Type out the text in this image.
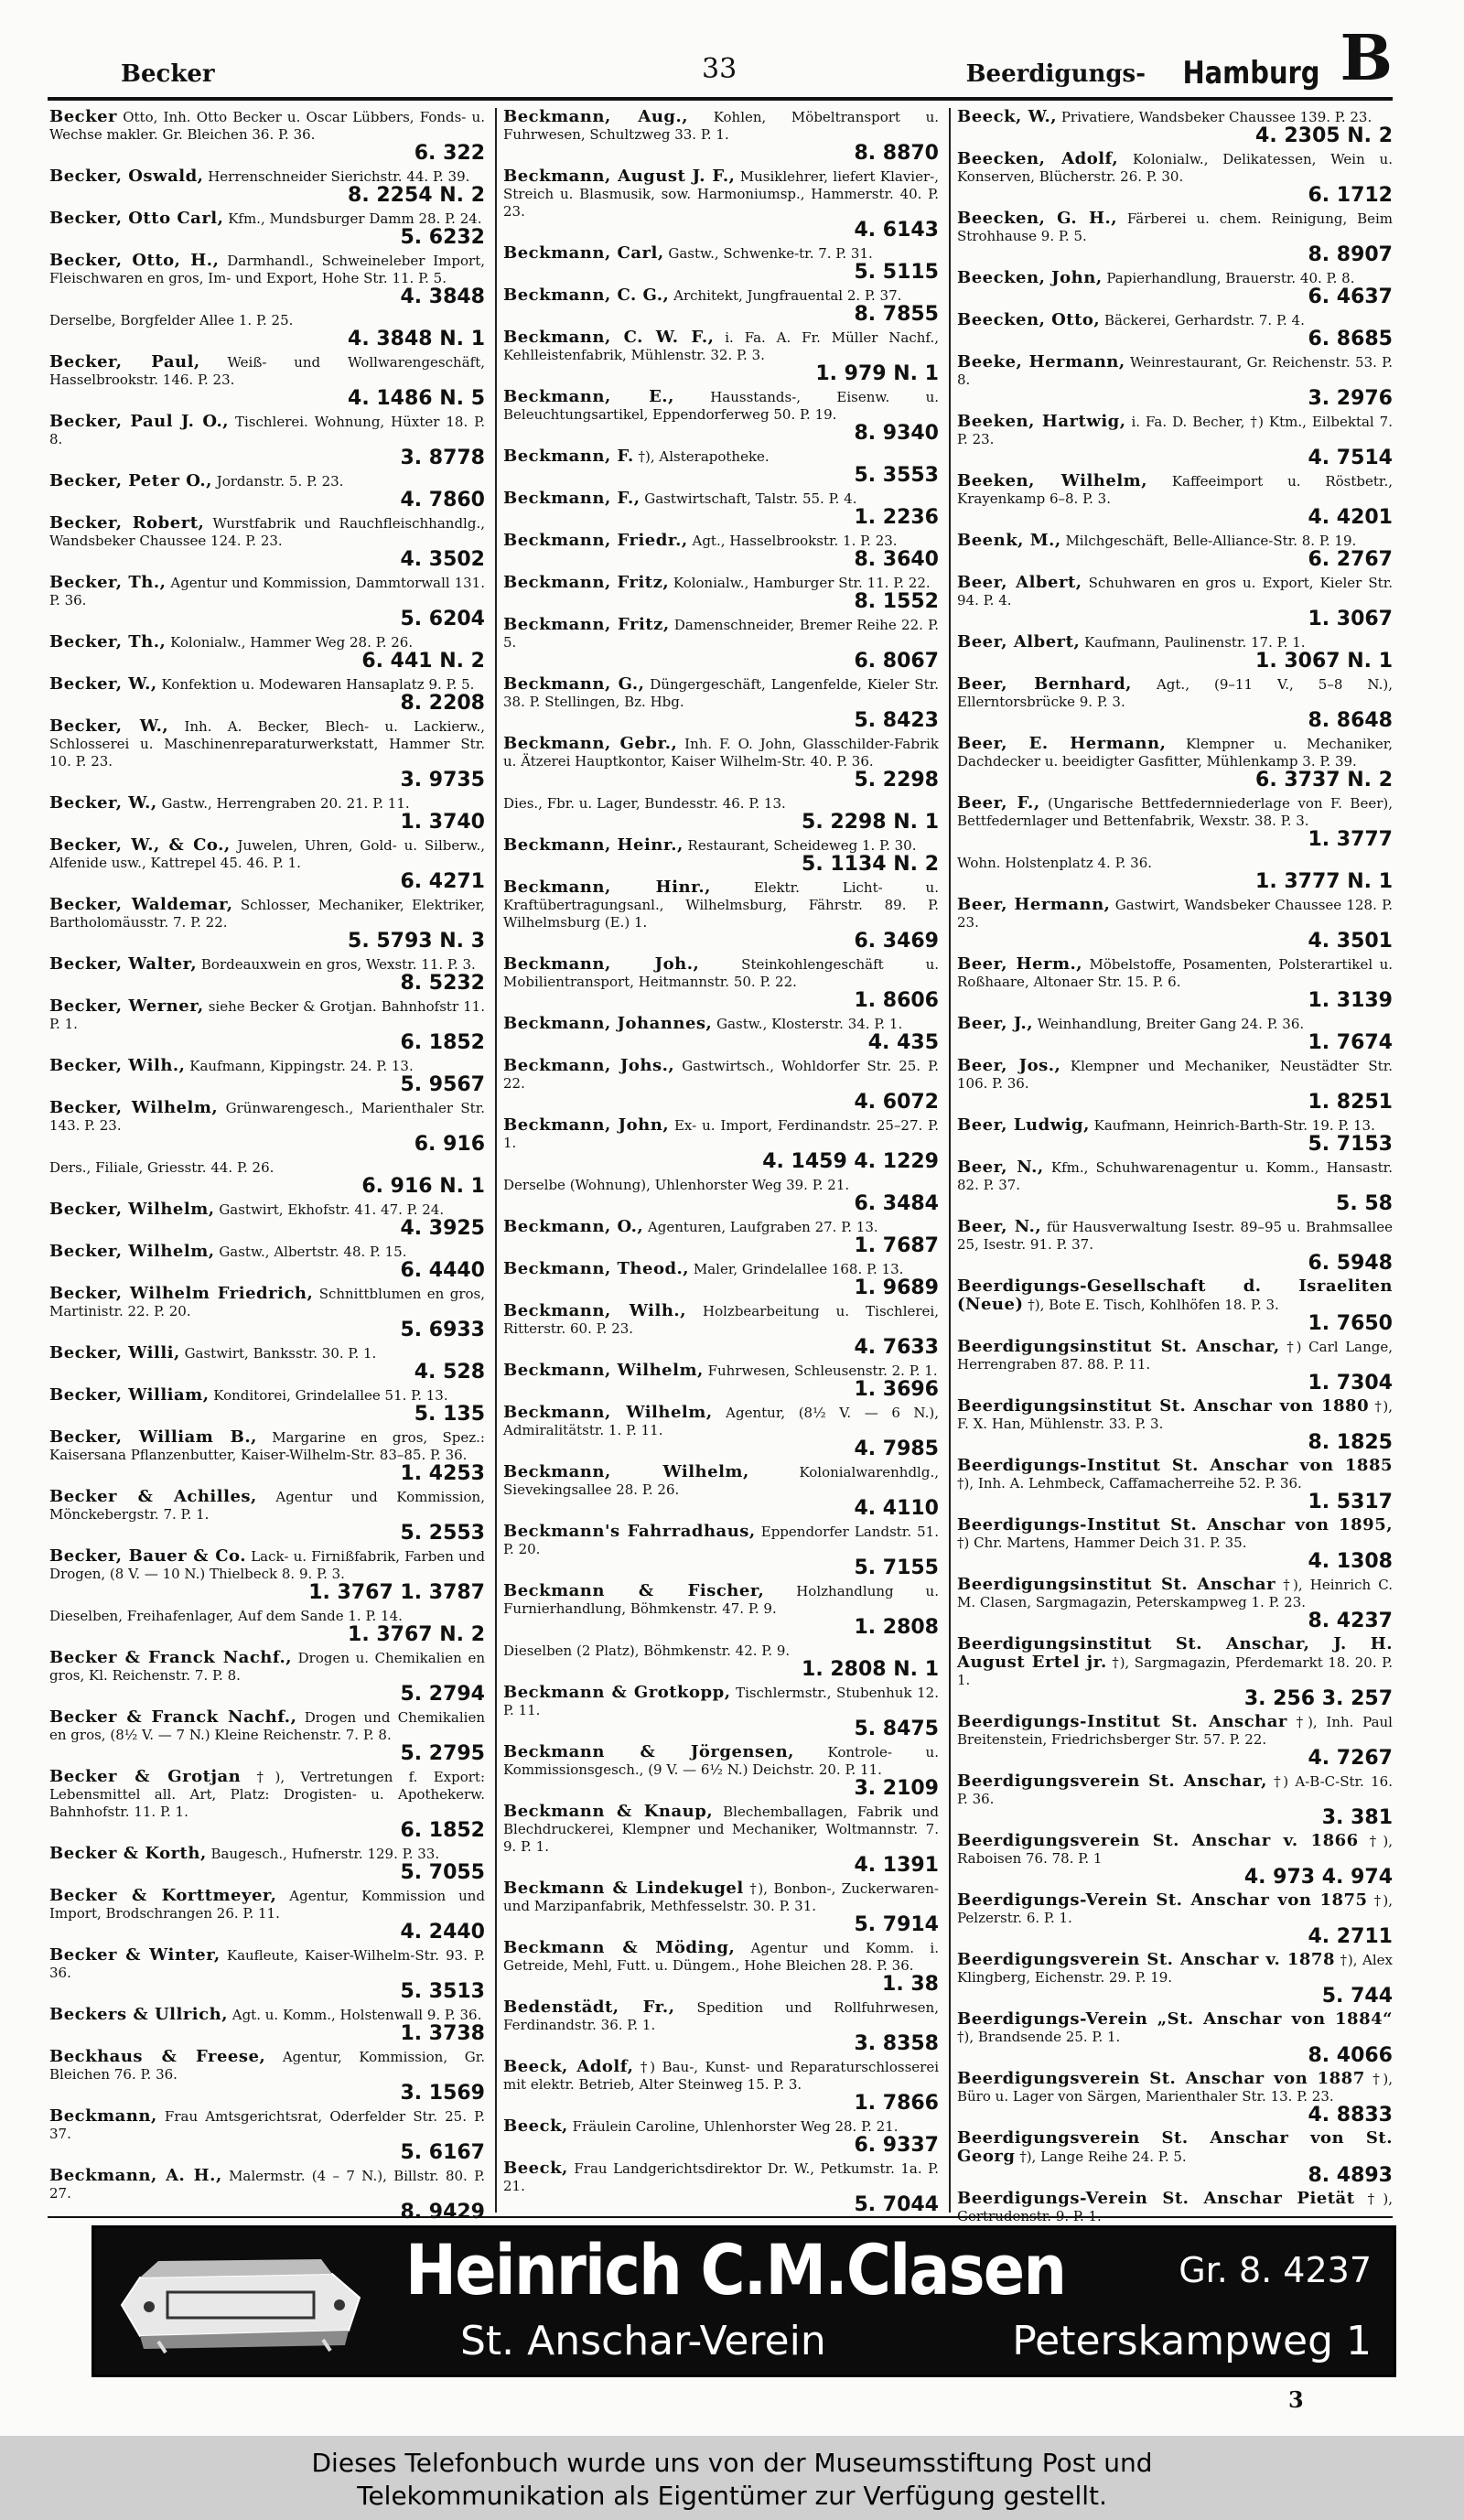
Becker	33	Beerdigungs- Hamburg B
Becker Otto, Inh. Otto Becker u. Oscar Lübbers, Fonds- u. Wechse makler. Gr. Bleichen 36. P. 36.
6. 322
Becker, Oswald, Herrenschneider Sierichstr. 44. P. 39.
8. 2254 N. 2
Becker, Otto Carl, Kfm., Mundsburger Damm 28. P. 24.
5. 6232
Becker, Otto, H., Darmhandl., Schweineleber Import, Fleischwaren en gros, Im- und Export, Hohe Str. 11. P. 5.
4. 3848
Derselbe, Borgfelder Allee 1. P. 25.
4. 3848 N. 1
Becker, Paul, Weiß- und Wollwarengeschäft, Hasselbrookstr. 146. P. 23.
4. 1486 N. 5
Becker, Paul J. O., Tischlerei. Wohnung, Hüxter 18. P. 8.
3. 8778
Becker, Peter O., Jordanstr. 5. P. 23.
4. 7860
Becker, Robert, Wurstfabrik und Rauchfleischhandlg., Wandsbeker Chaussee 124. P. 23.
4. 3502
Becker, Th., Agentur und Kommission, Dammtorwall 131. P. 36.
5. 6204
Becker, Th., Kolonialw., Hammer Weg 28. P. 26.
6. 441 N. 2
Becker, W., Konfektion u. Modewaren Hansaplatz 9. P. 5.
8. 2208
Becker, W., Inh. A. Becker, Blech- u. Lackierw., Schlosserei u. Maschinenreparaturwerkstatt, Hammer Str. 10. P. 23.
3. 9735
Becker, W., Gastw., Herrengraben 20. 21. P. 11.
1. 3740
Becker, W., & Co., Juwelen, Uhren, Gold- u. Silberw., Alfenide usw., Kattrepel 45. 46. P. 1.
6. 4271
Becker, Waldemar, Schlosser, Mechaniker, Elektriker, Bartholomäusstr. 7. P. 22.
5. 5793 N. 3
Becker, Walter, Bordeauxwein en gros, Wexstr. 11. P. 3.
8. 5232
Becker, Werner, siehe Becker & Grotjan. Bahnhofstr 11. P. 1.
6. 1852
Becker, Wilh., Kaufmann, Kippingstr. 24. P. 13.
5. 9567
Becker, Wilhelm, Grünwarengesch., Marienthaler Str. 143. P. 23.
6. 916
Ders., Filiale, Griesstr. 44. P. 26.
6. 916 N. 1
Becker, Wilhelm, Gastwirt, Ekhofstr. 41. 47. P. 24.
4. 3925
Becker, Wilhelm, Gastw., Albertstr. 48. P. 15.
6. 4440
Becker, Wilhelm Friedrich, Schnittblumen en gros, Martinistr. 22. P. 20.
5. 6933
Becker, Willi, Gastwirt, Banksstr. 30. P. 1.
4. 528
Becker, William, Konditorei, Grindelallee 51. P. 13.
5. 135
Becker, William B., Margarine en gros, Spez.: Kaisersana Pflanzenbutter, Kaiser-Wilhelm-Str. 83–85. P. 36.
1. 4253
Becker & Achilles, Agentur und Kommission, Mönckebergstr. 7. P. 1.
5. 2553
Becker, Bauer & Co. Lack- u. Firnißfabrik, Farben und Drogen, (8 V. — 10 N.) Thielbeck 8. 9. P. 3.
1. 3767 1. 3787
Dieselben, Freihafenlager, Auf dem Sande 1. P. 14.
1. 3767 N. 2
Becker & Franck Nachf., Drogen u. Chemikalien en gros, Kl. Reichenstr. 7. P. 8.
5. 2794
Becker & Franck Nachf., Drogen und Chemikalien en gros, (8½ V. — 7 N.) Kleine Reichenstr. 7. P. 8.
5. 2795
Becker & Grotjan †), Vertretungen f. Export: Lebensmittel all. Art, Platz: Drogisten- u. Apothekerw. Bahnhofstr. 11. P. 1.
6. 1852
Becker & Korth, Baugesch., Hufnerstr. 129. P. 33.
5. 7055
Becker & Korttmeyer, Agentur, Kommission und Import, Brodschrangen 26. P. 11.
4. 2440
Becker & Winter, Kaufleute, Kaiser-Wilhelm-Str. 93. P. 36.
5. 3513
Beckers & Ullrich, Agt. u. Komm., Holstenwall 9. P. 36.
1. 3738
Beckhaus & Freese, Agentur, Kommission, Gr. Bleichen 76. P. 36.
3. 1569
Beckmann, Frau Amtsgerichtsrat, Oderfelder Str. 25. P. 37.
5. 6167
Beckmann, A. H., Malermstr. (4 – 7 N.), Billstr. 80. P. 27.
8. 9429
Beckmann, Aug., Kohlen, Möbeltransport u. Fuhrwesen, Schultzweg 33. P. 1.
8. 8870
Beckmann, August J. F., Musiklehrer, liefert Klavier-, Streich u. Blasmusik, sow. Harmoniumsp., Hammerstr. 40. P. 23.
4. 6143
Beckmann, Carl, Gastw., Schwenke-tr. 7. P. 31.
5. 5115
Beckmann, C. G., Architekt, Jungfrauental 2. P. 37.
8. 7855
Beckmann, C. W. F., i. Fa. A. Fr. Müller Nachf., Kehlleistenfabrik, Mühlenstr. 32. P. 3.
1. 979 N. 1
Beckmann, E.,	Hausstands-, Eisenw. u. Beleuchtungsartikel, Eppendorferweg 50. P. 19.
8. 9340
Beckmann, F. †), Alsterapotheke.
5. 3553
Beckmann, F., Gastwirtschaft, Talstr. 55. P. 4.
1. 2236
Beckmann, Friedr., Agt., Hasselbrookstr. 1. P. 23.
8. 3640
Beckmann, Fritz, Kolonialw., Hamburger Str. 11. P. 22.
8. 1552
Beckmann, Fritz, Damenschneider, Bremer Reihe 22. P. 5.
6. 8067
Beckmann, G., Düngergeschäft, Langenfelde, Kieler Str. 38. P. Stellingen, Bz. Hbg.
5. 8423
Beckmann, Gebr., Inh. F. O. John, Glasschilder-Fabrik u. Ätzerei Hauptkontor, Kaiser Wilhelm-Str. 40. P. 36.
5. 2298
Dies., Fbr. u. Lager, Bundesstr. 46. P. 13.
5. 2298 N. 1
Beckmann, Heinr., Restaurant, Scheideweg 1. P. 30.
5. 1134 N. 2
Beckmann, Hinr.,	Elektr. Licht- u. Kraftübertragungsanl., Wilhelmsburg, Fährstr. 89. P. Wilhelmsburg (E.) 1.
6. 3469
Beckmann, Joh.,	Steinkohlengeschäft u. Mobilientransport, Heitmannstr. 50. P. 22.
1. 8606
Beckmann, Johannes, Gastw., Klosterstr. 34. P. 1.
4. 435
Beckmann, Johs., Gastwirtsch., Wohldorfer Str. 25. P. 22.
4. 6072
Beckmann, John, Ex- u. Import, Ferdinandstr. 25–27. P. 1.
4. 1459 4. 1229
Derselbe (Wohnung), Uhlenhorster Weg 39. P. 21.
6. 3484
Beckmann, O., Agenturen, Laufgraben 27. P. 13.
1. 7687
Beckmann, Theod., Maler, Grindelallee 168. P. 13.
1. 9689
Beckmann, Wilh., Holzbearbeitung u. Tischlerei, Ritterstr. 60. P. 23.
4. 7633
Beckmann, Wilhelm, Fuhrwesen, Schleusenstr. 2. P. 1.
1. 3696
Beckmann, Wilhelm, Agentur, (8½ V. — 6 N.), Admiralitätstr. 1. P. 11.
4. 7985
Beckmann, Wilhelm,	Kolonialwarenhdlg., Sievekingsallee 28. P. 26.
4. 4110
Beckmann's Fahrradhaus, Eppendorfer Landstr. 51. P. 20.
5. 7155
Beckmann & Fischer, Holzhandlung u. Furnierhandlung, Böhmkenstr. 47. P. 9.
1. 2808
Dieselben (2 Platz), Böhmkenstr. 42. P. 9.
1. 2808 N. 1
Beckmann & Grotkopp, Tischlermstr., Stubenhuk 12. P. 11.
5. 8475
Beckmann & Jörgensen, Kontrole- u. Kommissionsgesch., (9 V. — 6½ N.) Deichstr. 20. P. 11.
3. 2109
Beckmann & Knaup, Blechemballagen, Fabrik und Blechdruckerei, Klempner und Mechaniker, Woltmannstr. 7. 9. P. 1.
4. 1391
Beckmann & Lindekugel †), Bonbon-, Zuckerwaren- und Marzipanfabrik, Methfesselstr. 30. P. 31.
5. 7914
Beckmann & Möding, Agentur und Komm. i. Getreide, Mehl, Futt. u. Düngem., Hohe Bleichen 28. P. 36.
1. 38
Bedenstädt, Fr., Spedition und Rollfuhrwesen, Ferdinandstr. 36. P. 1.
3. 8358
Beeck, Adolf, †) Bau-, Kunst- und Reparaturschlosserei mit elektr. Betrieb, Alter Steinweg 15. P. 3.
1. 7866
Beeck, Fräulein Caroline, Uhlenhorster Weg 28. P. 21.
6. 9337
Beeck, Frau Landgerichtsdirektor Dr. W., Petkumstr. 1a. P. 21.
5. 7044
Beeck, W., Privatiere, Wandsbeker Chaussee 139. P. 23.
4. 2305 N. 2
Beecken, Adolf, Kolonialw., Delikatessen, Wein u. Konserven, Blücherstr. 26. P. 30.
6. 1712
Beecken, G. H., Färberei u. chem. Reinigung, Beim Strohhause 9. P. 5.
8. 8907
Beecken, John, Papierhandlung, Brauerstr. 40. P. 8.
6. 4637
Beecken, Otto, Bäckerei, Gerhardstr. 7. P. 4.
6. 8685
Beeke, Hermann, Weinrestaurant, Gr. Reichenstr. 53. P. 8.
3. 2976
Beeken, Hartwig, i. Fa. D. Becher, †) Ktm., Eilbektal 7. P. 23.
4. 7514
Beeken, Wilhelm, Kaffeeimport u. Röstbetr., Krayenkamp 6–8. P. 3.
4. 4201
Beenk, M., Milchgeschäft, Belle-Alliance-Str. 8. P. 19.
6. 2767
Beer, Albert, Schuhwaren en gros u. Export, Kieler Str. 94. P. 4.
1. 3067
Beer, Albert, Kaufmann, Paulinenstr. 17. P. 1.
1. 3067 N. 1
Beer, Bernhard, Agt., (9–11 V., 5–8 N.), Ellerntorsbrücke 9. P. 3.
8. 8648
Beer, E. Hermann, Klempner u. Mechaniker, Dachdecker u. beeidigter Gasfitter, Mühlenkamp 3. P. 39.
6. 3737 N. 2
Beer, F., (Ungarische Bettfedernniederlage von F. Beer), Bettfedernlager und Bettenfabrik, Wexstr. 38. P. 3.
1. 3777
Wohn. Holstenplatz 4. P. 36.
1. 3777 N. 1
Beer, Hermann, Gastwirt, Wandsbeker Chaussee 128. P. 23.
4. 3501
Beer, Herm., Möbelstoffe, Posamenten, Polsterartikel u. Roßhaare, Altonaer Str. 15. P. 6.
1. 3139
Beer, J., Weinhandlung, Breiter Gang 24. P. 36.
1. 7674
Beer, Jos., Klempner und Mechaniker, Neustädter Str. 106. P. 36.
1. 8251
Beer, Ludwig, Kaufmann, Heinrich-Barth-Str. 19. P. 13.
5. 7153
Beer, N., Kfm., Schuhwarenagentur u. Komm., Hansastr. 82. P. 37.
5. 58
Beer, N., für Hausverwaltung Isestr. 89–95 u. Brahmsallee 25, Isestr. 91. P. 37.
6. 5948
Beerdigungs-Gesellschaft d. Israeliten (Neue) †), Bote E. Tisch, Kohlhöfen 18. P. 3.
1. 7650
Beerdigungsinstitut St. Anschar, †) Carl Lange, Herrengraben 87. 88. P. 11.
1. 7304
Beerdigungsinstitut St. Anschar von 1880 †), F. X. Han, Mühlenstr. 33. P. 3.
8. 1825
Beerdigungs-Institut St. Anschar von 1885 †), Inh. A. Lehmbeck, Caffamacherreihe 52. P. 36.
1. 5317
Beerdigungs-Institut St. Anschar von 1895, †) Chr. Martens, Hammer Deich 31. P. 35.
4. 1308
Beerdigungsinstitut St. Anschar †), Heinrich C. M. Clasen, Sargmagazin, Peterskampweg 1. P. 23.
8. 4237
Beerdigungsinstitut St. Anschar, J. H. August Ertel jr. †), Sargmagazin, Pferdemarkt 18. 20. P. 1.
3. 256 3. 257
Beerdigungs-Institut St. Anschar †), Inh. Paul Breitenstein, Friedrichsberger Str. 57. P. 22.
4. 7267
Beerdigungsverein St. Anschar, †) A-B-C-Str. 16. P. 36.
3. 381
Beerdigungsverein St. Anschar v. 1866 †), Raboisen 76. 78. P. 1
4. 973 4. 974
Beerdigungs-Verein St. Anschar von 1875 †), Pelzerstr. 6. P. 1.
4. 2711
Beerdigungsverein St. Anschar v. 1878 †), Alex Klingberg, Eichenstr. 29. P. 19.
5. 744
Beerdigungs-Verein „St. Anschar von 1884“ †), Brandsende 25. P. 1.
8. 4066
Beerdigungsverein St. Anschar von 1887 †), Büro u. Lager von Särgen, Marienthaler Str. 13. P. 23.
4. 8833
Beerdigungsverein St. Anschar von St. Georg †), Lange Reihe 24. P. 5.
8. 4893
Beerdigungs-Verein St. Anschar Pietät †), Gertrudenstr. 9. P. 1.
Heinrich C.M.Clasen
St. Anschar-Verein
Gr. 8. 4237
Peterskampweg 1
3
Dieses Telefonbuch wurde uns von der Museumsstiftung Post und
Telekommunikation als Eigentümer zur Verfügung gestellt.
